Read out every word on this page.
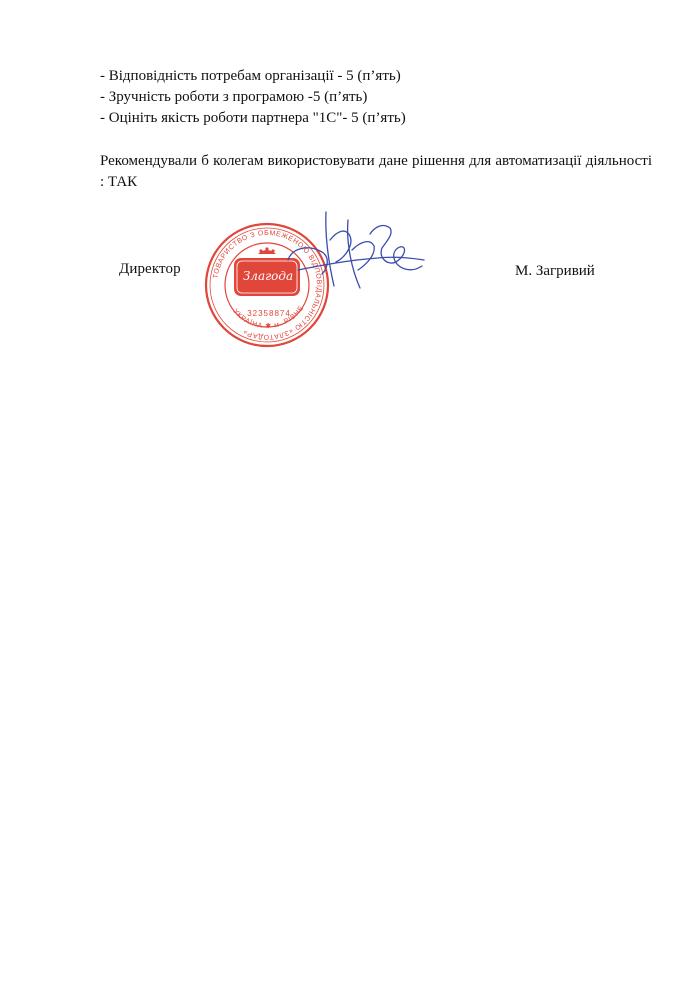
- Відповідність потребам організації - 5 (п’ять)
- Зручність роботи з програмою -5 (п’ять)
- Оцініть якість роботи партнера "1С"- 5 (п’ять)
Рекомендували б колегам використовувати дане рішення для автоматизації діяльності : ТАК
Директор	М. Загривий
ТОВАРИСТВО З ОБМЕЖЕНОЮ ВІДПОВІДАЛЬНІСТЮ «ЗЛАТОДАР»
УКРАЇНА ✱ м. РІВНЕ
Злагода
32358874
